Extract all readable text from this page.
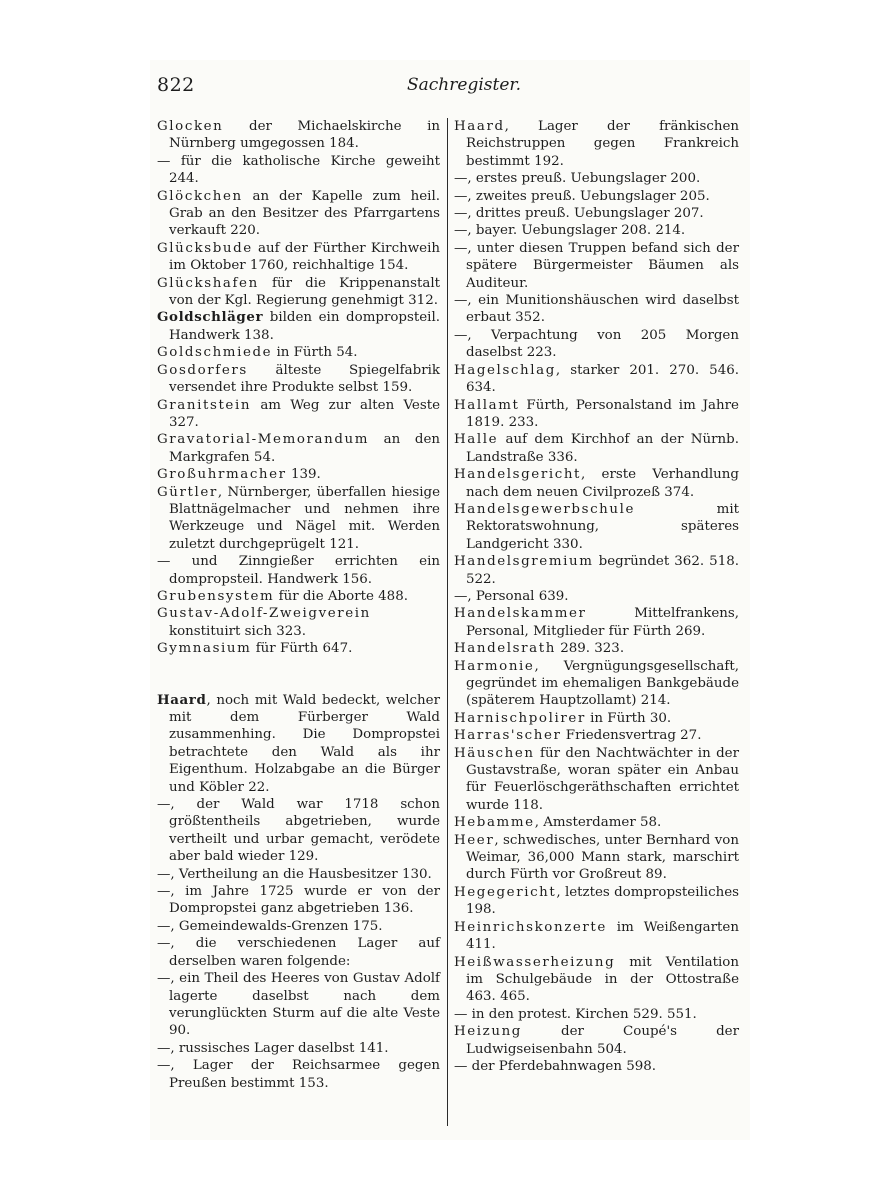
822	Sachregister.

Glocken der Michaelskirche in Nürnberg umgegossen 184.

— für die katholische Kirche geweiht 244.

Glöckchen an der Kapelle zum heil. Grab an den Besitzer des Pfarrgartens verkauft 220.

Glücksbude auf der Fürther Kirchweih im Oktober 1760, reichhaltige 154.

Glückshafen für die Krippenanstalt von der Kgl. Regierung genehmigt 312.

Goldschläger bilden ein dompropsteil. Handwerk 138.

Goldschmiede in Fürth 54.

Gosdorfers älteste Spiegelfabrik versendet ihre Produkte selbst 159.

Granitstein am Weg zur alten Veste 327.

Gravatorial-Memorandum an den Markgrafen 54.

Großuhrmacher 139.

Gürtler, Nürnberger, überfallen hiesige Blattnägelmacher und nehmen ihre Werkzeuge und Nägel mit. Werden zuletzt durchgeprügelt 121.

— und Zinngießer errichten ein dompropsteil. Handwerk 156.

Grubensystem für die Aborte 488.

Gustav-Adolf-Zweigverein konstituirt sich 323.

Gymnasium für Fürth 647.

Haard, noch mit Wald bedeckt, welcher mit dem Fürberger Wald zusammenhing. Die Dompropstei betrachtete den Wald als ihr Eigenthum. Holzabgabe an die Bürger und Köbler 22.

—, der Wald war 1718 schon größtentheils abgetrieben, wurde vertheilt und urbar gemacht, verödete aber bald wieder 129.

—, Vertheilung an die Hausbesitzer 130.

—, im Jahre 1725 wurde er von der Dompropstei ganz abgetrieben 136.

—, Gemeindewalds-Grenzen 175.

—, die verschiedenen Lager auf derselben waren folgende:

—, ein Theil des Heeres von Gustav Adolf lagerte daselbst nach dem verunglückten Sturm auf die alte Veste 90.

—, russisches Lager daselbst 141.

—, Lager der Reichsarmee gegen Preußen bestimmt 153.

Haard, Lager der fränkischen Reichstruppen gegen Frankreich bestimmt 192.

—, erstes preuß. Uebungslager 200.

—, zweites preuß. Uebungslager 205.

—, drittes preuß. Uebungslager 207.

—, bayer. Uebungslager 208. 214.

—, unter diesen Truppen befand sich der spätere Bürgermeister Bäumen als Auditeur.

—, ein Munitionshäuschen wird daselbst erbaut 352.

—, Verpachtung von 205 Morgen daselbst 223.

Hagelschlag, starker 201. 270. 546. 634.

Hallamt Fürth, Personalstand im Jahre 1819. 233.

Halle auf dem Kirchhof an der Nürnb. Landstraße 336.

Handelsgericht, erste Verhandlung nach dem neuen Civilprozeß 374.

Handelsgewerbschule mit Rektoratswohnung, späteres Landgericht 330.

Handelsgremium begründet 362. 518. 522.

—, Personal 639.

Handelskammer Mittelfrankens, Personal, Mitglieder für Fürth 269.

Handelsrath 289. 323.

Harmonie, Vergnügungsgesellschaft, gegründet im ehemaligen Bankgebäude (späterem Hauptzollamt) 214.

Harnischpolirer in Fürth 30.

Harras'scher Friedensvertrag 27.

Häuschen für den Nachtwächter in der Gustavstraße, woran später ein Anbau für Feuerlöschgeräthschaften errichtet wurde 118.

Hebamme, Amsterdamer 58.

Heer, schwedisches, unter Bernhard von Weimar, 36,000 Mann stark, marschirt durch Fürth vor Großreut 89.

Hegegericht, letztes dompropsteiliches 198.

Heinrichskonzerte im Weißengarten 411.

Heißwasserheizung mit Ventilation im Schulgebäude in der Ottostraße 463. 465.

— in den protest. Kirchen 529. 551.

Heizung der Coupé's der Ludwigseisenbahn 504.

— der Pferdebahnwagen 598.
